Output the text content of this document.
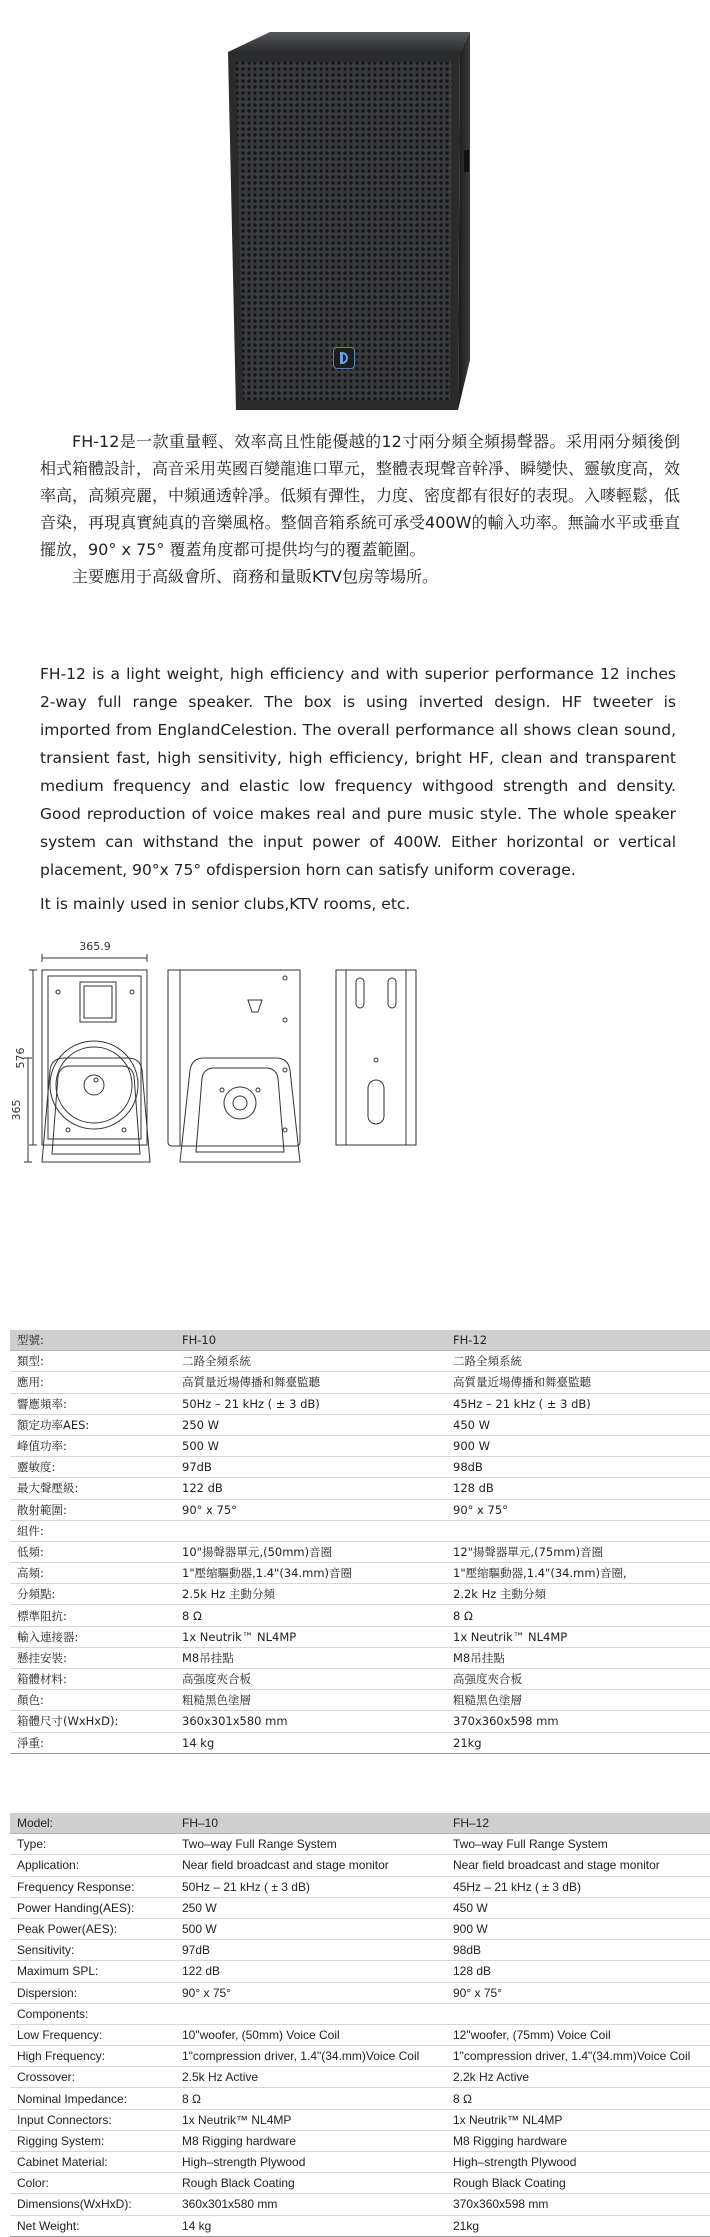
FH-12是一款重量輕、效率高且性能優越的12寸兩分頻全頻揚聲器。采用兩分頻後倒相式箱體設計，高音采用英國百變龍進口單元，整體表現聲音幹凈、瞬變快、靈敏度高，效率高，高頻亮麗，中頻通透幹凈。低頻有彈性，力度、密度都有很好的表現。入嘜輕鬆，低音染，再現真實純真的音樂風格。整個音箱系統可承受400W的輸入功率。無論水平或垂直擺放，90° x 75° 覆蓋角度都可提供均勻的覆蓋範圍。

主要應用于高級會所、商務和量販KTV包房等場所。

FH-12 is a light weight, high efficiency and with superior performance 12 inches 2-way full range speaker. The box is using inverted design. HF tweeter is imported from EnglandCelestion. The overall performance all shows clean sound, transient fast, high sensitivity, high efficiency, bright HF, clean and transparent medium frequency and elastic low frequency withgood strength and density. Good reproduction of voice makes real and pure music style. The whole speaker system can withstand the input power of 400W. Either horizontal or vertical placement, 90°x 75° ofdispersion horn can satisfy uniform coverage.

It is mainly used in senior clubs,KTV rooms, etc.

365.9
576
365
型號:	FH-10	FH-12
類型:	二路全頻系統	二路全頻系統
應用:	高質量近場傳播和舞臺監聽	高質量近場傳播和舞臺監聽
響應頻率:	50Hz – 21 kHz ( ± 3 dB)	45Hz – 21 kHz ( ± 3 dB)
額定功率AES:	250 W	450 W
峰值功率:	500 W	900 W
靈敏度:	97dB	98dB
最大聲壓級:	122 dB	128 dB
散射範圍:	90° x 75°	90° x 75°
組件:		
低頻:	10"揚聲器單元,(50mm)音圈	12"揚聲器單元,(75mm)音圈
高頻:	1"壓缩驅動器,1.4"(34.mm)音圈	1"壓缩驅動器,1.4"(34.mm)音圈,
分頻點:	2.5k Hz 主動分頻	2.2k Hz 主動分頻
標準阻抗:	8 Ω	8 Ω
輸入連接器:	1x Neutrik™ NL4MP	1x Neutrik™ NL4MP
懸挂安裝:	M8吊挂點	M8吊挂點
箱體材料:	高强度夾合板	高强度夾合板
顏色:	粗糙黑色塗層	粗糙黑色塗層
箱體尺寸(WxHxD):	360x301x580 mm	370x360x598 mm
淨重:	14 kg	21kg
Model:	FH–10	FH–12
Type:	Two–way Full Range System	Two–way Full Range System
Application:	Near field broadcast and stage monitor	Near field broadcast and stage monitor
Frequency Response:	50Hz – 21 kHz ( ± 3 dB)	45Hz – 21 kHz ( ± 3 dB)
Power Handing(AES):	250 W	450 W
Peak Power(AES):	500 W	900 W
Sensitivity:	97dB	98dB
Maximum SPL:	122 dB	128 dB
Dispersion:	90° x 75°	90° x 75°
Components:		
Low Frequency:	10"woofer, (50mm) Voice Coil	12"woofer, (75mm) Voice Coil
High Frequency:	1"compression driver, 1.4"(34.mm)Voice Coil	1"compression driver, 1.4"(34.mm)Voice Coil
Crossover:	2.5k Hz Active	2.2k Hz Active
Nominal Impedance:	8 Ω	8 Ω
Input Connectors:	1x Neutrik™ NL4MP	1x Neutrik™ NL4MP
Rigging System:	M8 Rigging hardware	M8 Rigging hardware
Cabinet Material:	High–strength Plywood	High–strength Plywood
Color:	Rough Black Coating	Rough Black Coating
Dimensions(WxHxD):	360x301x580 mm	370x360x598 mm
Net Weight:	14 kg	21kg
